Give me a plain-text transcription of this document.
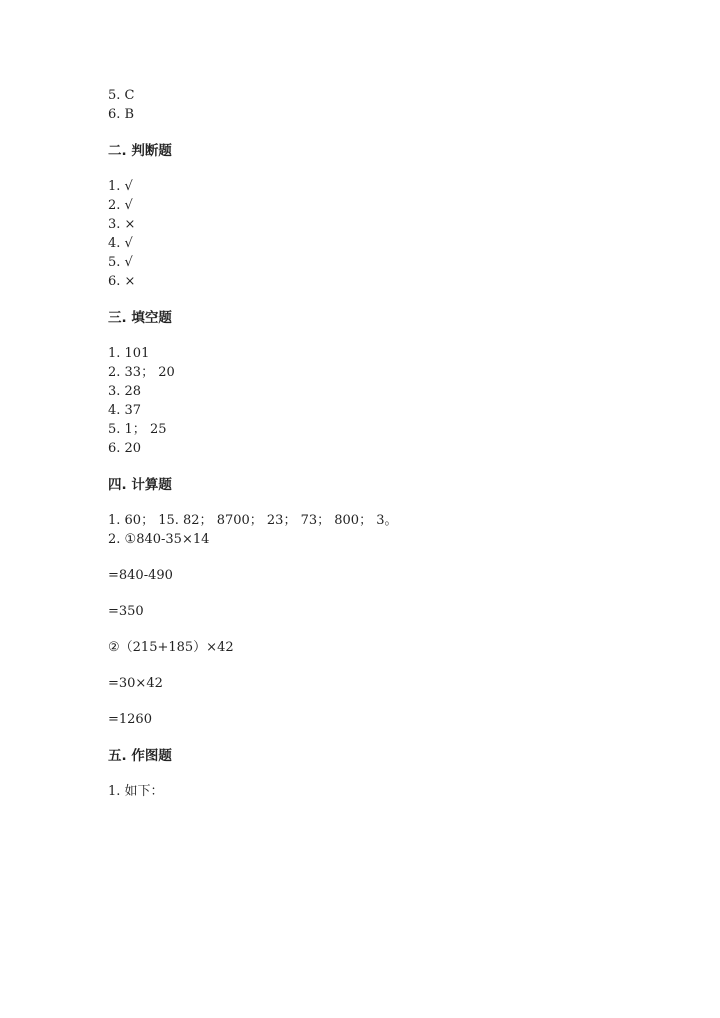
5. C
6. B
二. 判断题
1. √
2. √
3. ×
4. √
5. √
6. ×
三. 填空题
1. 101
2. 33； 20
3. 28
4. 37
5. 1； 25
6. 20
四. 计算题
1. 60； 15. 82； 8700； 23； 73； 800； 3。
2. ①840-35×14
=840-490
=350
②（215+185）×42
=30×42
=1260
五. 作图题
1. 如下：
